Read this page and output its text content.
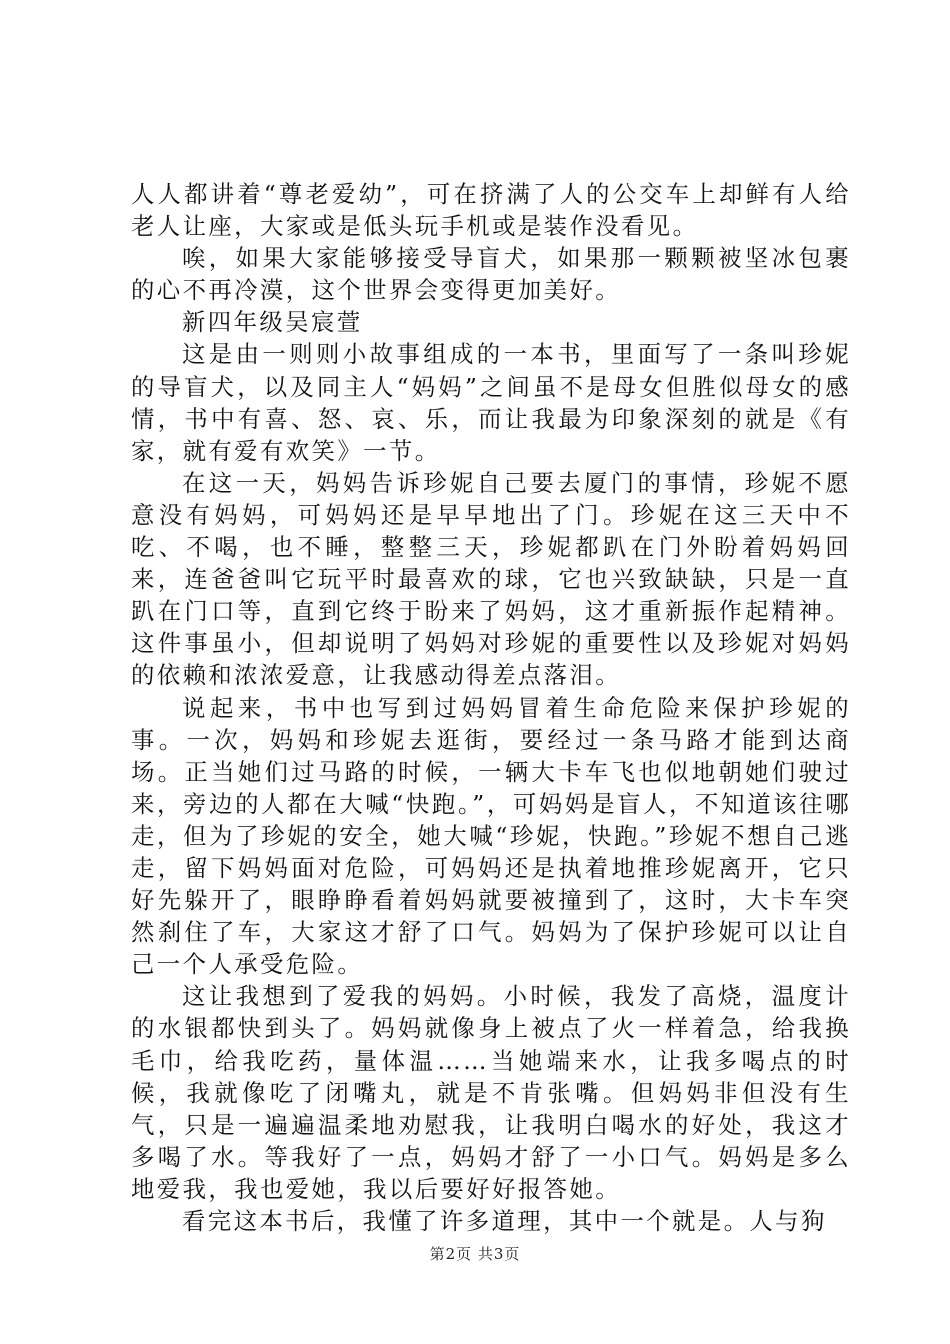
人人都讲着“尊老爱幼”，可在挤满了人的公交车上却鲜有人给老人让座，大家或是低头玩手机或是装作没看见。

唉，如果大家能够接受导盲犬，如果那一颗颗被坚冰包裹的心不再冷漠，这个世界会变得更加美好。

新四年级吴宸萱

这是由一则则小故事组成的一本书，里面写了一条叫珍妮的导盲犬，以及同主人“妈妈”之间虽不是母女但胜似母女的感情，书中有喜、怒、哀、乐，而让我最为印象深刻的就是《有家，就有爱有欢笑》一节。

在这一天，妈妈告诉珍妮自己要去厦门的事情，珍妮不愿意没有妈妈，可妈妈还是早早地出了门。珍妮在这三天中不吃、不喝，也不睡，整整三天，珍妮都趴在门外盼着妈妈回来，连爸爸叫它玩平时最喜欢的球，它也兴致缺缺，只是一直趴在门口等，直到它终于盼来了妈妈，这才重新振作起精神。这件事虽小，但却说明了妈妈对珍妮的重要性以及珍妮对妈妈的依赖和浓浓爱意，让我感动得差点落泪。

说起来，书中也写到过妈妈冒着生命危险来保护珍妮的事。一次，妈妈和珍妮去逛街，要经过一条马路才能到达商场。正当她们过马路的时候，一辆大卡车飞也似地朝她们驶过来，旁边的人都在大喊“快跑。”，可妈妈是盲人，不知道该往哪走，但为了珍妮的安全，她大喊“珍妮，快跑。”珍妮不想自己逃走，留下妈妈面对危险，可妈妈还是执着地推珍妮离开，它只好先躲开了，眼睁睁看着妈妈就要被撞到了，这时，大卡车突然刹住了车，大家这才舒了口气。妈妈为了保护珍妮可以让自己一个人承受危险。

这让我想到了爱我的妈妈。小时候，我发了高烧，温度计的水银都快到头了。妈妈就像身上被点了火一样着急，给我换毛巾，给我吃药，量体温……当她端来水，让我多喝点的时候，我就像吃了闭嘴丸，就是不肯张嘴。但妈妈非但没有生气，只是一遍遍温柔地劝慰我，让我明白喝水的好处，我这才多喝了水。等我好了一点，妈妈才舒了一小口气。妈妈是多么地爱我，我也爱她，我以后要好好报答她。

看完这本书后，我懂了许多道理，其中一个就是。人与狗

第2页 共3页
